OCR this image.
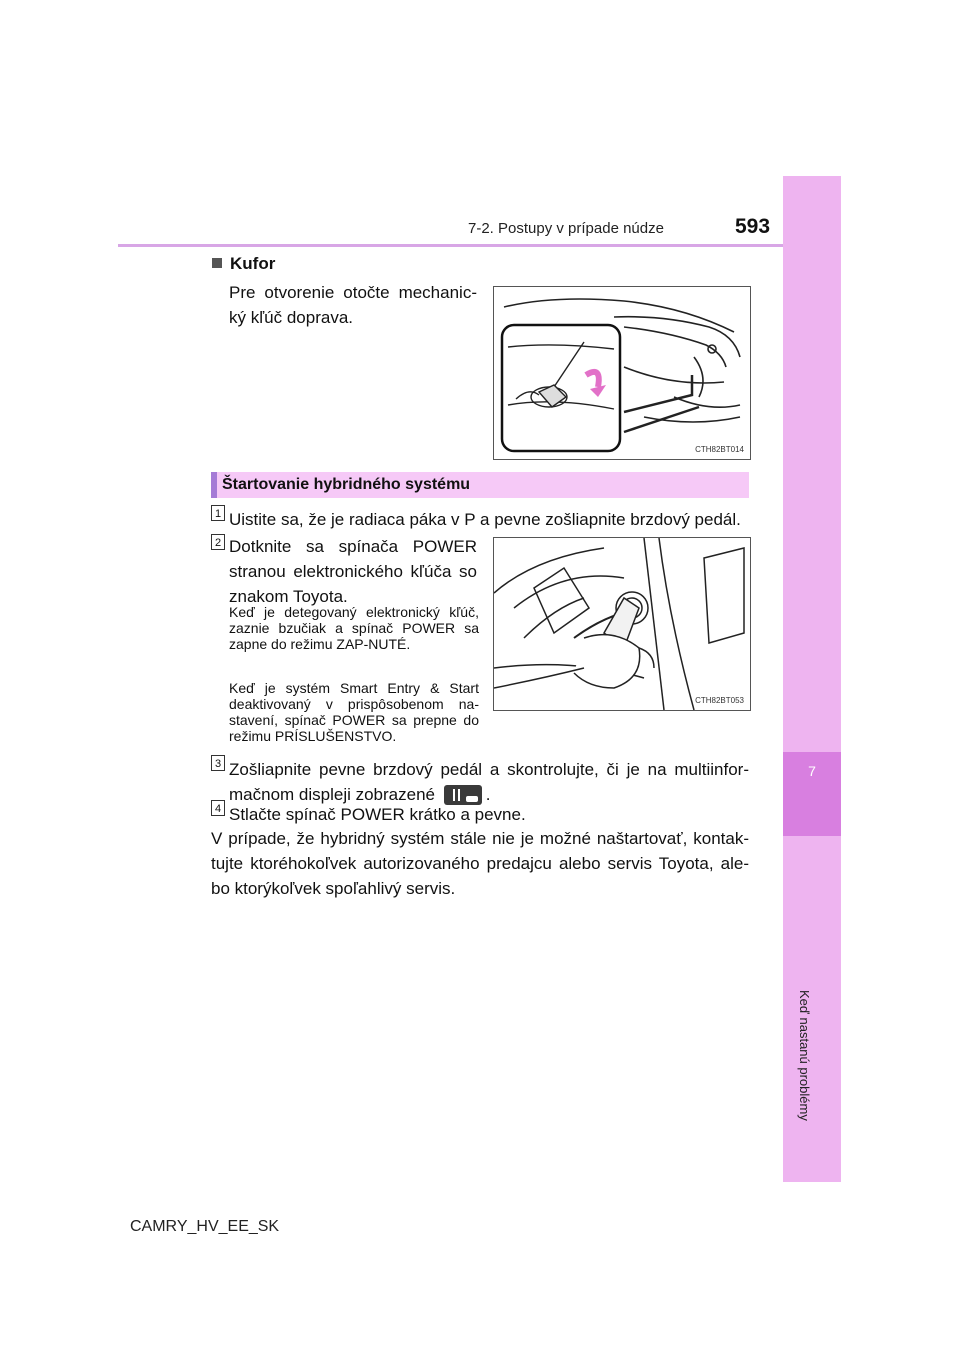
7
Keď nastanú problémy
7-2. Postupy v prípade núdze	593
Kufor
Pre otvorenie otočte mechanic-ký kľúč doprava.
CTH82BT014
Štartovanie hybridného systému
1 Uistite sa, že je radiaca páka v P a pevne zošliapnite brzdový pedál.
2 Dotknite sa spínača POWER stranou elektronického kľúča so znakom Toyota.
Keď je detegovaný elektronický kľúč, zaznie bzučiak a spínač POWER sa zapne do režimu ZAP-NUTÉ.
Keď je systém Smart Entry & Start deaktivovaný v prispôsobenom na-stavení, spínač POWER sa prepne do režimu PRÍSLUŠENSTVO.
CTH82BT053
3 Zošliapnite pevne brzdový pedál a skontrolujte, či je na multiinfor-mačnom displeji zobrazené	.
4 Stlačte spínač POWER krátko a pevne.
V prípade, že hybridný systém stále nie je možné naštartovať, kontak-tujte ktoréhokoľvek autorizovaného predajcu alebo servis Toyota, ale-bo ktorýkoľvek spoľahlivý servis.
CAMRY_HV_EE_SK
